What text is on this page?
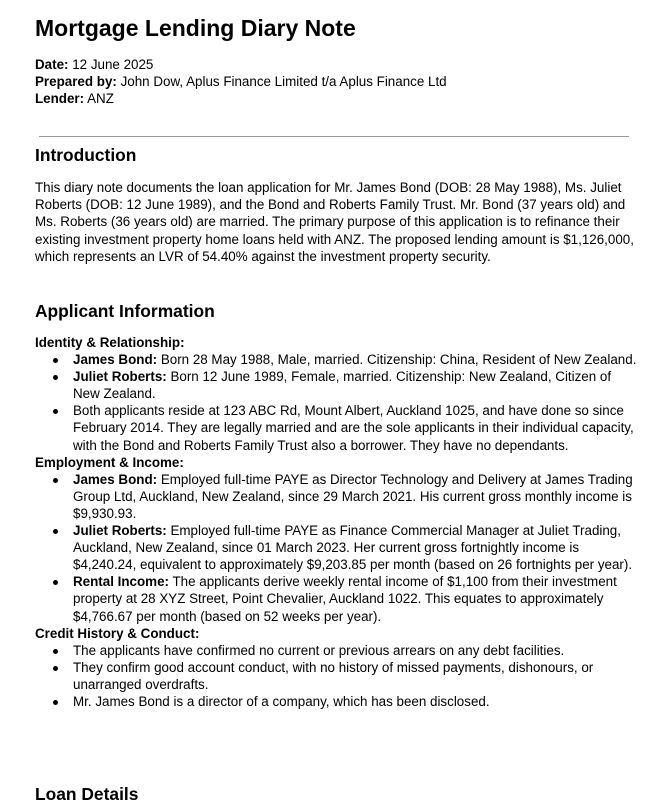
Mortgage Lending Diary Note
Date: 12 June 2025
Prepared by: John Dow, Aplus Finance Limited t/a Aplus Finance Ltd
Lender: ANZ
Introduction

This diary note documents the loan application for Mr. James Bond (DOB: 28 May 1988), Ms. Juliet Roberts (DOB: 12 June 1989), and the Bond and Roberts Family Trust. Mr. Bond (37 years old) and Ms. Roberts (36 years old) are married. The primary purpose of this application is to refinance their existing investment property home loans held with ANZ. The proposed lending amount is $1,126,000, which represents an LVR of 54.40% against the investment property security.

Applicant Information

Identity & Relationship:

James Bond: Born 28 May 1988, Male, married. Citizenship: China, Resident of New Zealand.
Juliet Roberts: Born 12 June 1989, Female, married. Citizenship: New Zealand, Citizen of New Zealand.
Both applicants reside at 123 ABC Rd, Mount Albert, Auckland 1025, and have done so since February 2014. They are legally married and are the sole applicants in their individual capacity, with the Bond and Roberts Family Trust also a borrower. They have no dependants.

Employment & Income:

James Bond: Employed full-time PAYE as Director Technology and Delivery at James Trading Group Ltd, Auckland, New Zealand, since 29 March 2021. His current gross monthly income is $9,930.93.
Juliet Roberts: Employed full-time PAYE as Finance Commercial Manager at Juliet Trading, Auckland, New Zealand, since 01 March 2023. Her current gross fortnightly income is $4,240.24, equivalent to approximately $9,203.85 per month (based on 26 fortnights per year).
Rental Income: The applicants derive weekly rental income of $1,100 from their investment property at 28 XYZ Street, Point Chevalier, Auckland 1022. This equates to approximately $4,766.67 per month (based on 52 weeks per year).

Credit History & Conduct:

The applicants have confirmed no current or previous arrears on any debt facilities.
They confirm good account conduct, with no history of missed payments, dishonours, or unarranged overdrafts.
Mr. James Bond is a director of a company, which has been disclosed.
Loan Details
